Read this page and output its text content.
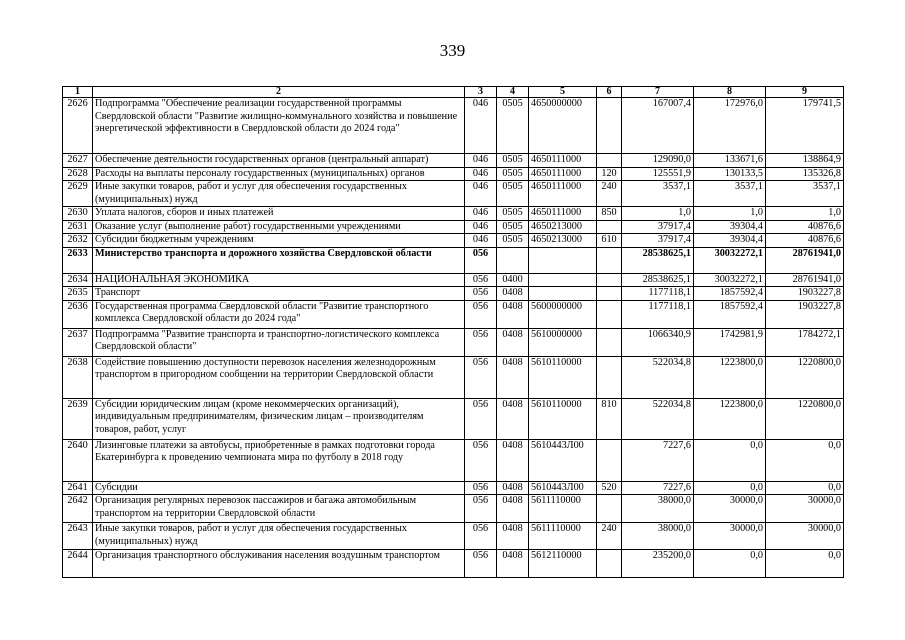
339
1	2	3	4	5	6	7	8	9
2626	Подпрограмма "Обеспечение реализации государственной программы Свердловской области "Развитие жилищно-коммунального хозяйства и повышение энергетической эффективности в Свердловской области до 2024 года"	046	0505	4650000000		167007,4	172976,0	179741,5
2627	Обеспечение деятельности государственных органов (центральный аппарат)	046	0505	4650111000		129090,0	133671,6	138864,9
2628	Расходы на выплаты персоналу государственных (муниципальных) органов	046	0505	4650111000	120	125551,9	130133,5	135326,8
2629	Иные закупки товаров, работ и услуг для обеспечения государственных (муниципальных) нужд	046	0505	4650111000	240	3537,1	3537,1	3537,1
2630	Уплата налогов, сборов и иных платежей	046	0505	4650111000	850	1,0	1,0	1,0
2631	Оказание услуг (выполнение работ) государственными учреждениями	046	0505	4650213000		37917,4	39304,4	40876,6
2632	Субсидии бюджетным учреждениям	046	0505	4650213000	610	37917,4	39304,4	40876,6
2633	Министерство транспорта и дорожного хозяйства Свердловской области	056				28538625,1	30032272,1	28761941,0
2634	НАЦИОНАЛЬНАЯ ЭКОНОМИКА	056	0400			28538625,1	30032272,1	28761941,0
2635	Транспорт	056	0408			1177118,1	1857592,4	1903227,8
2636	Государственная программа Свердловской области "Развитие транспортного комплекса Свердловской области до 2024 года"	056	0408	5600000000		1177118,1	1857592,4	1903227,8
2637	Подпрограмма "Развитие транспорта и транспортно-логистического комплекса Свердловской области"	056	0408	5610000000		1066340,9	1742981,9	1784272,1
2638	Содействие повышению доступности перевозок населения железнодорожным транспортом в пригородном сообщении на территории Свердловской области	056	0408	5610110000		522034,8	1223800,0	1220800,0
2639	Субсидии юридическим лицам (кроме некоммерческих организаций), индивидуальным предпринимателям, физическим лицам – производителям товаров, работ, услуг	056	0408	5610110000	810	522034,8	1223800,0	1220800,0
2640	Лизинговые платежи за автобусы, приобретенные в рамках подготовки города Екатеринбурга к проведению чемпионата мира по футболу в 2018 году	056	0408	5610443Л00		7227,6	0,0	0,0
2641	Субсидии	056	0408	5610443Л00	520	7227,6	0,0	0,0
2642	Организация регулярных перевозок пассажиров и багажа автомобильным транспортом на территории Свердловской области	056	0408	5611110000		38000,0	30000,0	30000,0
2643	Иные закупки товаров, работ и услуг для обеспечения государственных (муниципальных) нужд	056	0408	5611110000	240	38000,0	30000,0	30000,0
2644	Организация транспортного обслуживания населения воздушным транспортом	056	0408	5612110000		235200,0	0,0	0,0
